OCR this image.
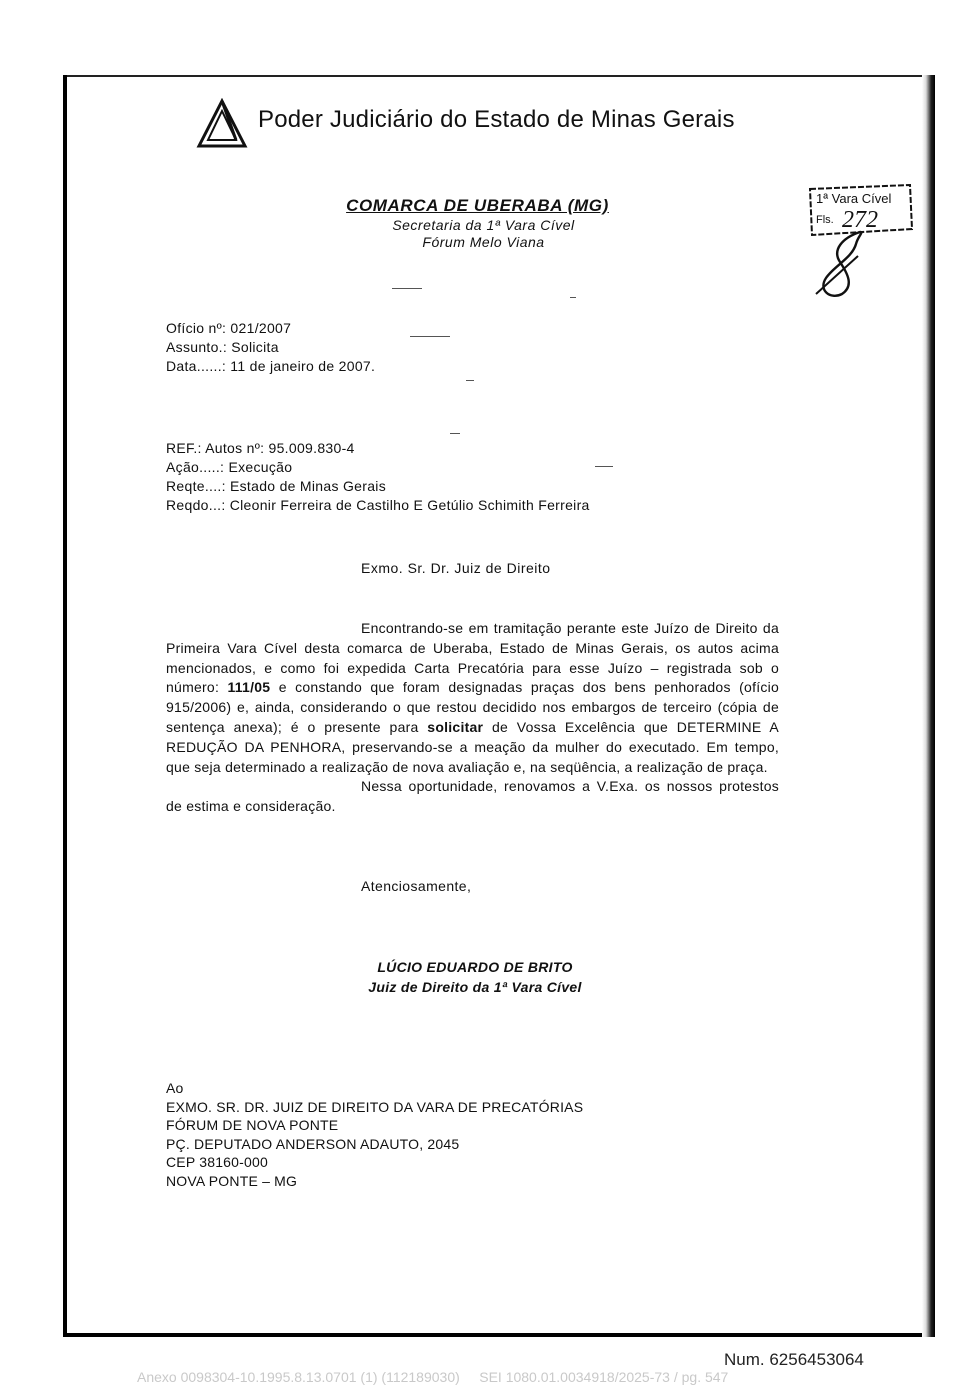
Poder Judiciário do Estado de Minas Gerais
COMARCA DE UBERABA (MG)
Secretaria da 1ª Vara Cível
Fórum Melo Viana
1ª Vara Cível
Fls. 272
8
Ofício nº: 021/2007
Assunto.: Solicita
Data......: 11 de janeiro de 2007.
REF.: Autos nº: 95.009.830-4
Ação.....: Execução
Reqte....: Estado de Minas Gerais
Reqdo...: Cleonir Ferreira de Castilho E Getúlio Schimith Ferreira
Exmo. Sr. Dr. Juiz de Direito

Encontrando-se em tramitação perante este Juízo de Direito da Primeira Vara Cível desta comarca de Uberaba, Estado de Minas Gerais, os autos acima mencionados, e como foi expedida Carta Precatória para esse Juízo – registrada sob o número: 111/05 e constando que foram designadas praças dos bens penhorados (ofício 915/2006) e, ainda, considerando o que restou decidido nos embargos de terceiro (cópia de sentença anexa); é o presente para solicitar de Vossa Excelência que DETERMINE A REDUÇÃO DA PENHORA, preservando-se a meação da mulher do executado. Em tempo, que seja determinado a realização de nova avaliação e, na seqüência, a realização de praça.

Nessa oportunidade, renovamos a V.Exa. os nossos protestos de estima e consideração.

Atenciosamente,
LÚCIO EDUARDO DE BRITO
Juiz de Direito da 1ª Vara Cível
Ao
EXMO. SR. DR. JUIZ DE DIREITO DA VARA DE PRECATÓRIAS
FÓRUM DE NOVA PONTE
PÇ. DEPUTADO ANDERSON ADAUTO, 2045
CEP 38160-000
NOVA PONTE – MG
Num. 6256453064
Anexo 0098304-10.1995.8.13.0701 (1) (112189030) SEI 1080.01.0034918/2025-73 / pg. 547
